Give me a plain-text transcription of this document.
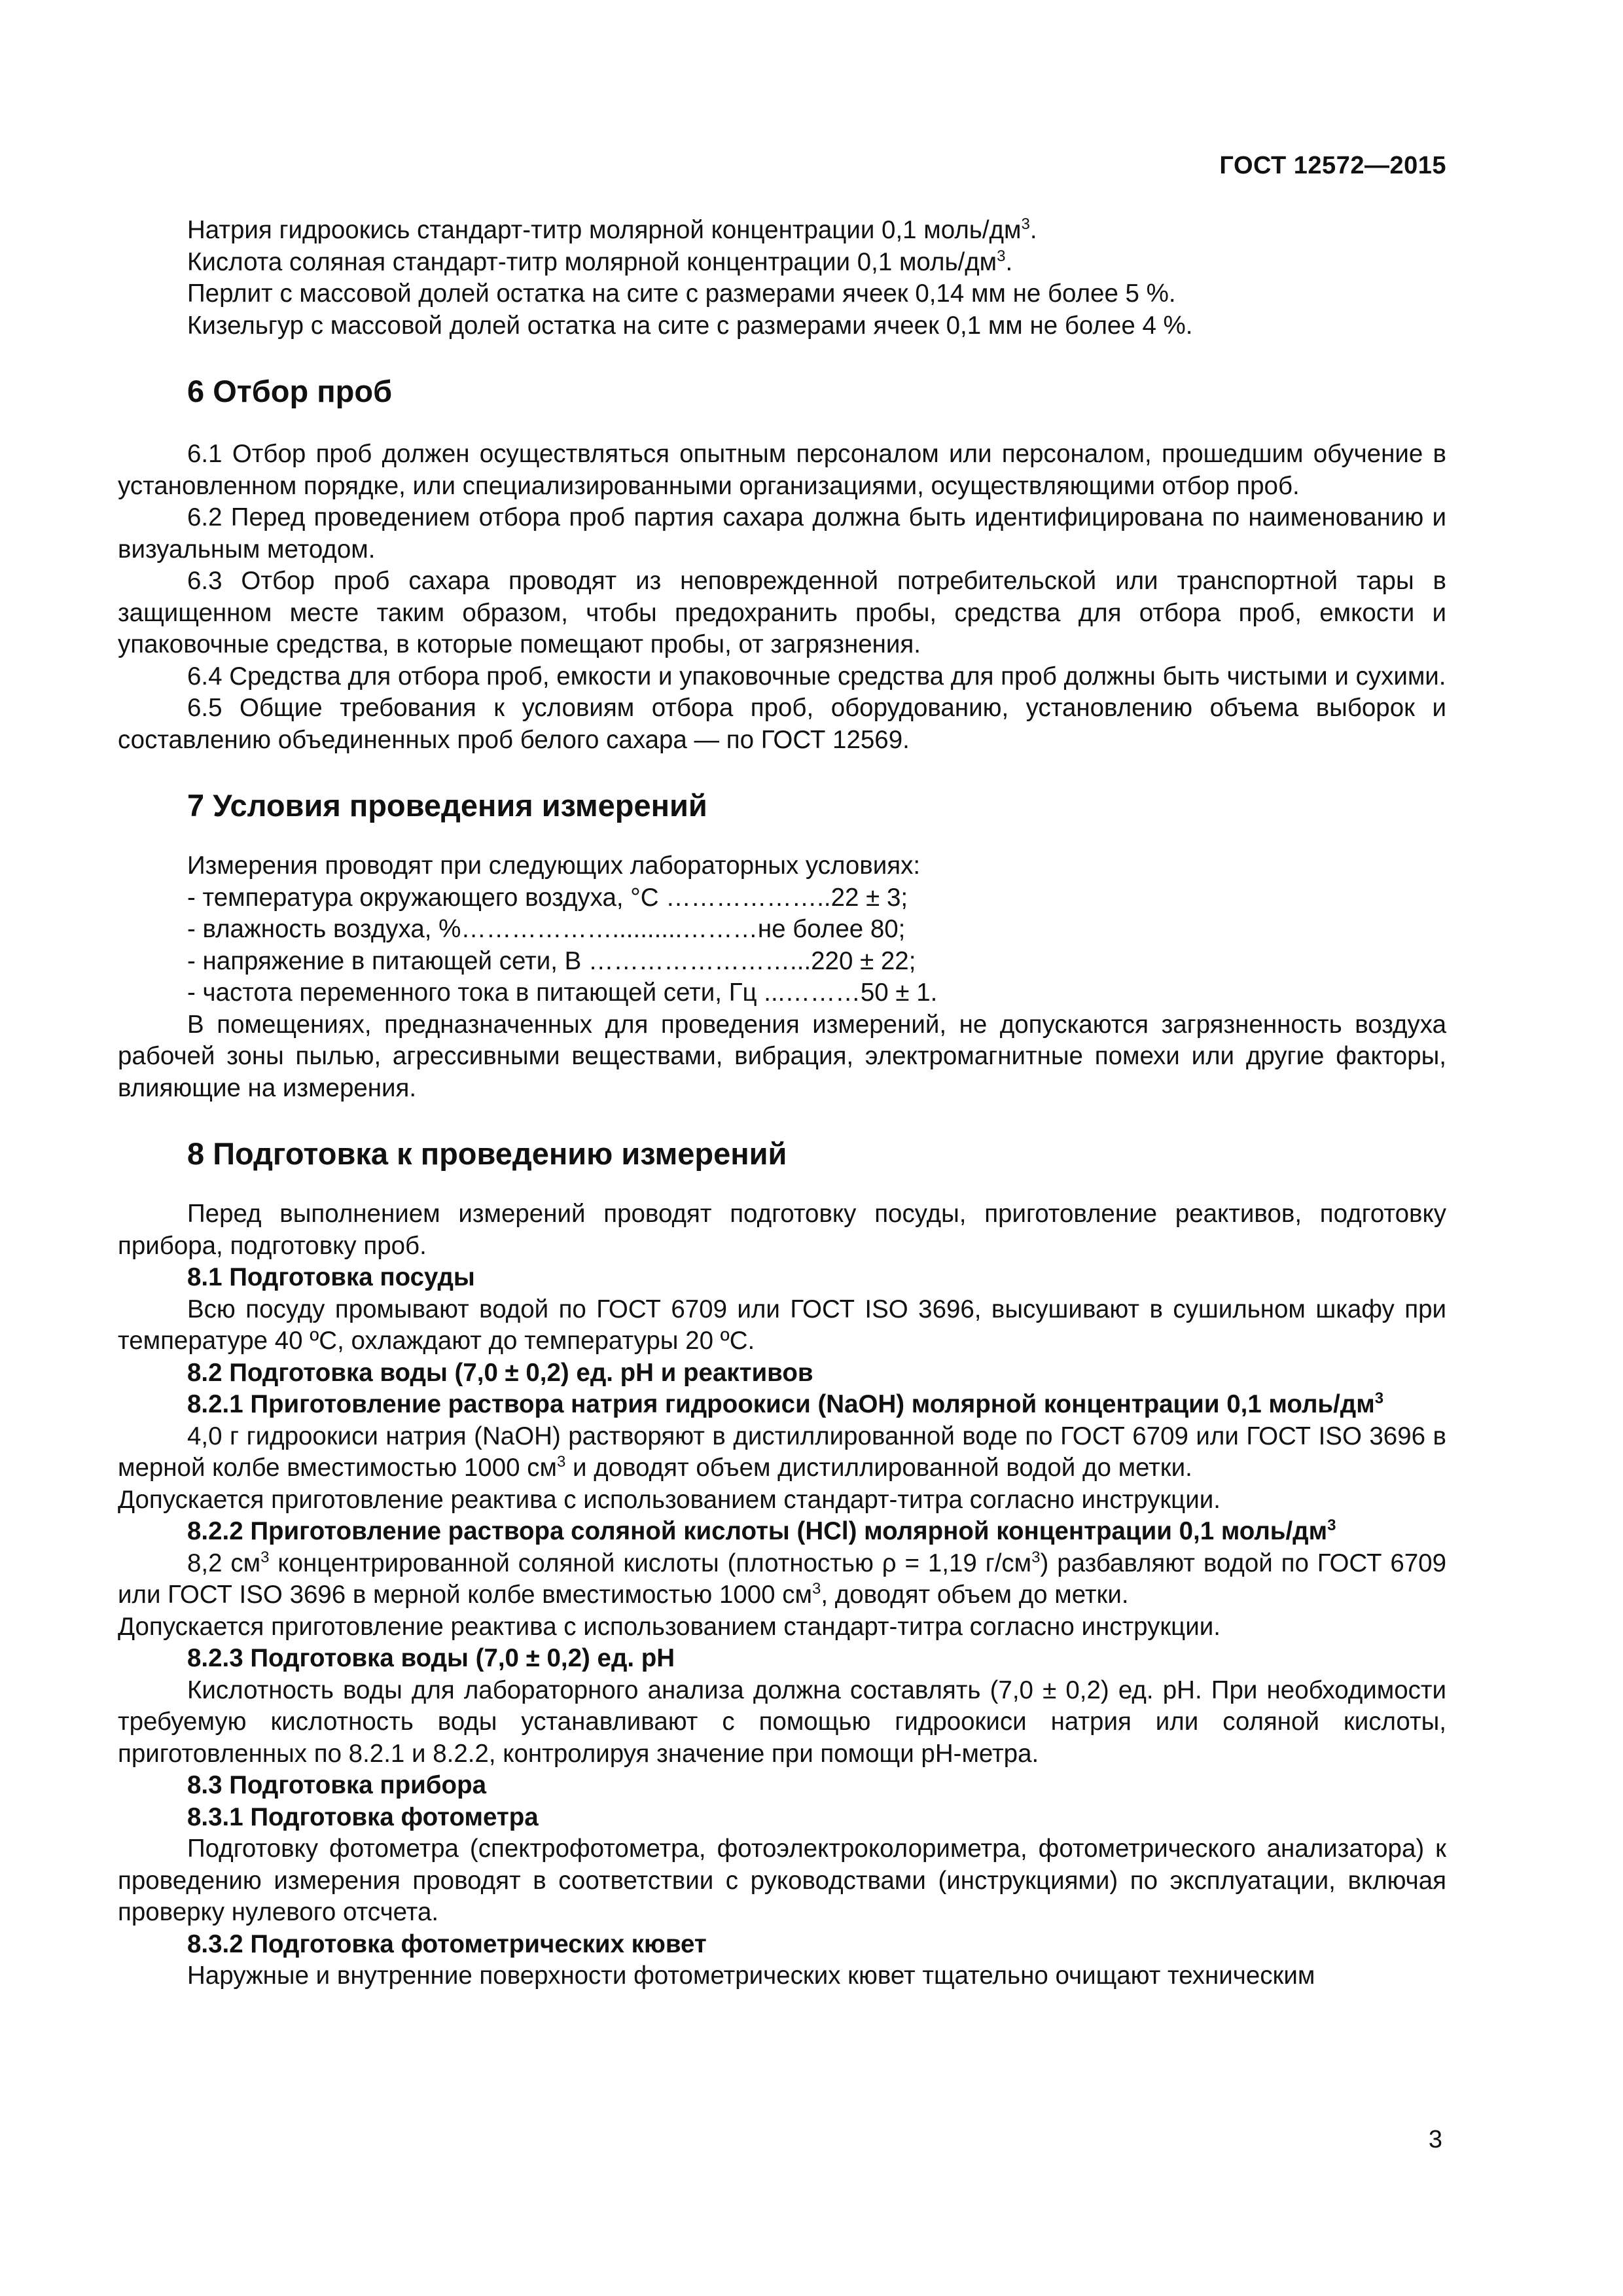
ГОСТ 12572—2015

Натрия гидроокись стандарт-титр молярной концентрации 0,1 моль/$дм^3$.

Кислота соляная стандарт-титр молярной концентрации 0,1 моль/$дм^3$.

Перлит с массовой долей остатка на сите с размерами ячеек 0,14 мм не более 5 %.

Кизельгур с массовой долей остатка на сите с размерами ячеек 0,1 мм не более 4 %.

6 Отбор проб

6.1 Отбор проб должен осуществляться опытным персоналом или персоналом, прошедшим обучение в установленном порядке, или специализированными организациями, осуществляющими отбор проб.

6.2 Перед проведением отбора проб партия сахара должна быть идентифицирована по наименованию и визуальным методом.

6.3 Отбор проб сахара проводят из неповрежденной потребительской или транспортной тары в защищенном месте таким образом, чтобы предохранить пробы, средства для отбора проб, емкости и упаковочные средства, в которые помещают пробы, от загрязнения.

6.4 Средства для отбора проб, емкости и упаковочные средства для проб должны быть чистыми и сухими.

6.5 Общие требования к условиям отбора проб, оборудованию, установлению объема выборок и составлению объединенных проб белого сахара — по ГОСТ 12569.

7 Условия проведения измерений

Измерения проводят при следующих лабораторных условиях:

- температура окружающего воздуха, °С ………………..22 ± 3;

- влажность воздуха, %………………..........………не более 80;

- напряжение в питающей сети, В ……………………...220 ± 22;

- частота переменного тока в питающей сети, Гц ...………50 ± 1.

В помещениях, предназначенных для проведения измерений, не допускаются загрязненность воздуха рабочей зоны пылью, агрессивными веществами, вибрация, электромагнитные помехи или другие факторы, влияющие на измерения.

8 Подготовка к проведению измерений

Перед выполнением измерений проводят подготовку посуды, приготовление реактивов, подготовку прибора, подготовку проб.

8.1 Подготовка посуды

Всю посуду промывают водой по ГОСТ 6709 или ГОСТ ISO 3696, высушивают в сушильном шкафу при температуре 40 ºС, охлаждают до температуры 20 ºС.

8.2 Подготовка воды (7,0 ± 0,2) ед. рН и реактивов

8.2.1 Приготовление раствора натрия гидроокиси (NaOH) молярной концентрации 0,1 моль/$дм^3$

4,0 г гидроокиси натрия (NaOH) растворяют в дистиллированной воде по ГОСТ 6709 или ГОСТ ISO 3696 в мерной колбе вместимостью 1000 $см^3$ и доводят объем дистиллированной водой до метки.

Допускается приготовление реактива с использованием стандарт-титра согласно инструкции.

8.2.2 Приготовление раствора соляной кислоты (HCl) молярной концентрации 0,1 моль/$дм^3$

8,2 $см^3$ концентрированной соляной кислоты (плотностью ρ = 1,19 $г/см^3$) разбавляют водой по ГОСТ 6709 или ГОСТ ISO 3696 в мерной колбе вместимостью 1000 $см^3$, доводят объем до метки.

Допускается приготовление реактива с использованием стандарт-титра согласно инструкции.

8.2.3 Подготовка воды (7,0 ± 0,2) ед. рН

Кислотность воды для лабораторного анализа должна составлять (7,0 ± 0,2) ед. рН. При необходимости требуемую кислотность воды устанавливают с помощью гидроокиси натрия или соляной кислоты, приготовленных по 8.2.1 и 8.2.2, контролируя значение при помощи рН-метра.

8.3 Подготовка прибора

8.3.1 Подготовка фотометра

Подготовку фотометра (спектрофотометра, фотоэлектроколориметра, фотометрического анализатора) к проведению измерения проводят в соответствии с руководствами (инструкциями) по эксплуатации, включая проверку нулевого отсчета.

8.3.2 Подготовка фотометрических кювет

Наружные и внутренние поверхности фотометрических кювет тщательно очищают техническим

3
